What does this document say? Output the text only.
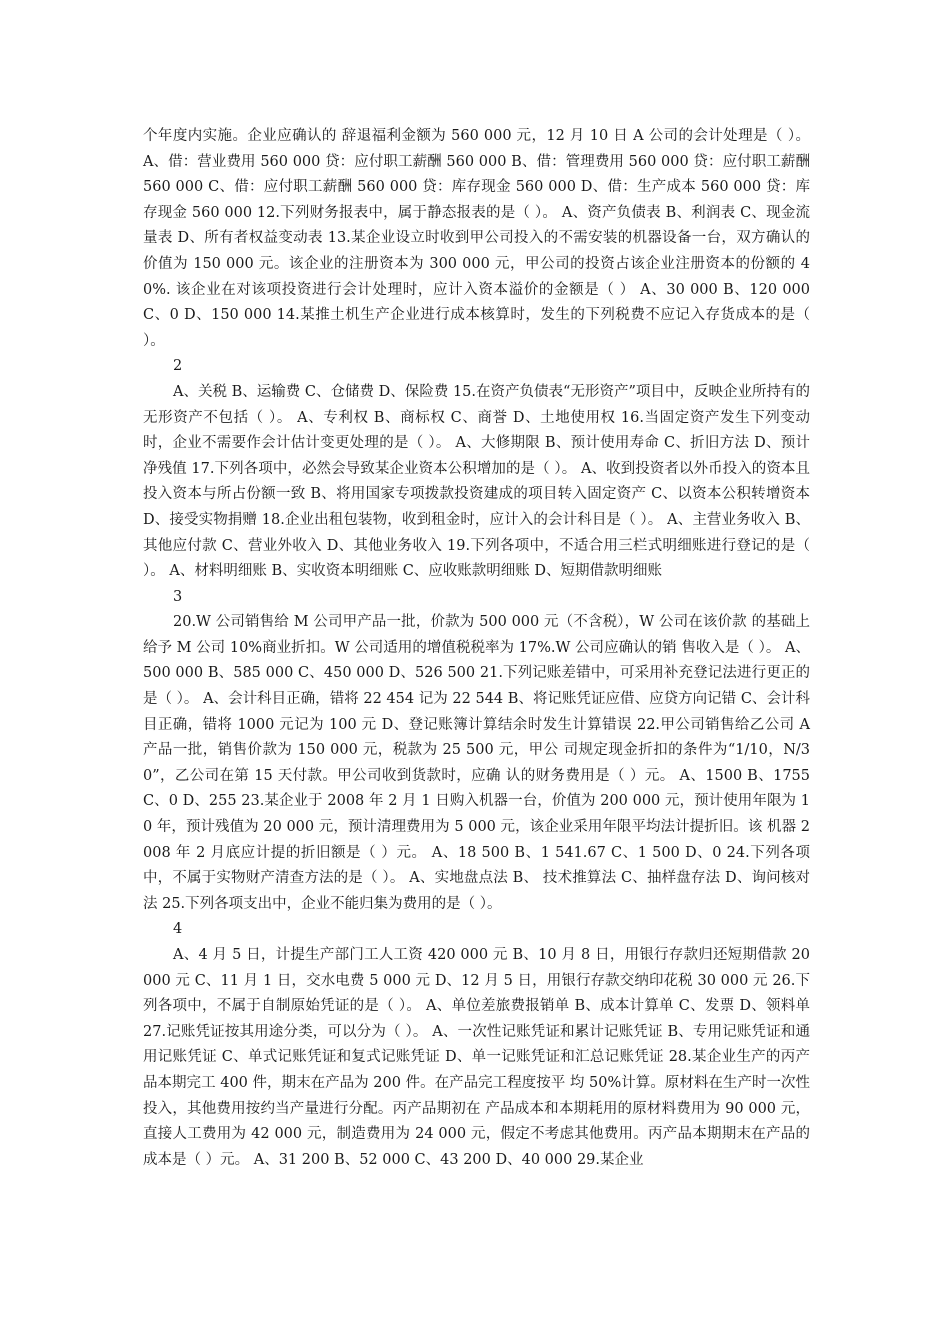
个年度内实施。企业应确认的 辞退福利金额为 560 000 元，12 月 10 日 A 公司的会计处理是（ ）。 A、借：营业费用 560 000 贷：应付职工薪酬 560 000 B、借：管理费用 560 000 贷：应付职工薪酬 560 000 C、借：应付职工薪酬 560 000 贷：库存现金 560 000 D、借：生产成本 560 000 贷：库存现金 560 000 12.下列财务报表中，属于静态报表的是（ ）。 A、资产负债表 B、利润表 C、现金流量表 D、所有者权益变动表 13.某企业设立时收到甲公司投入的不需安装的机器设备一台，双方确认的价值为 150 000 元。该企业的注册资本为 300 000 元，甲公司的投资占该企业注册资本的份额的 40%. 该企业在对该项投资进行会计处理时，应计入资本溢价的金额是（ ） A、30 000 B、120 000 C、0 D、150 000 14.某推土机生产企业进行成本核算时，发生的下列税费不应记入存货成本的是（ ）。

2

A、关税 B、运输费 C、仓储费 D、保险费 15.在资产负债表“无形资产”项目中，反映企业所持有的无形资产不包括（ ）。 A、专利权 B、商标权 C、商誉 D、土地使用权 16.当固定资产发生下列变动时，企业不需要作会计估计变更处理的是（ ）。 A、大修期限 B、预计使用寿命 C、折旧方法 D、预计净残值 17.下列各项中，必然会导致某企业资本公积增加的是（ ）。 A、收到投资者以外币投入的资本且投入资本与所占份额一致 B、将用国家专项拨款投资建成的项目转入固定资产 C、以资本公积转增资本 D、接受实物捐赠 18.企业出租包装物，收到租金时，应计入的会计科目是（ ）。 A、主营业务收入 B、其他应付款 C、营业外收入 D、其他业务收入 19.下列各项中，不适合用三栏式明细账进行登记的是（ ）。 A、材料明细账 B、实收资本明细账 C、应收账款明细账 D、短期借款明细账

3

20.W 公司销售给 M 公司甲产品一批，价款为 500 000 元（不含税），W 公司在该价款 的基础上给予 M 公司 10%商业折扣。W 公司适用的增值税税率为 17%.W 公司应确认的销 售收入是（ ）。 A、500 000 B、585 000 C、450 000 D、526 500 21.下列记账差错中，可采用补充登记法进行更正的是（ ）。 A、会计科目正确，错将 22 454 记为 22 544 B、将记账凭证应借、应贷方向记错 C、会计科目正确，错将 1000 元记为 100 元 D、登记账簿计算结余时发生计算错误 22.甲公司销售给乙公司 A 产品一批，销售价款为 150 000 元，税款为 25 500 元，甲公 司规定现金折扣的条件为“1/10，N/30”，乙公司在第 15 天付款。甲公司收到货款时，应确 认的财务费用是（ ）元。 A、1500 B、1755 C、0 D、255 23.某企业于 2008 年 2 月 1 日购入机器一台，价值为 200 000 元，预计使用年限为 10 年，预计残值为 20 000 元，预计清理费用为 5 000 元，该企业采用年限平均法计提折旧。该 机器 2008 年 2 月底应计提的折旧额是（ ）元。 A、18 500 B、1 541.67 C、1 500 D、0 24.下列各项中，不属于实物财产清查方法的是（ ）。 A、实地盘点法 B、 技术推算法 C、抽样盘存法 D、询问核对法 25.下列各项支出中，企业不能归集为费用的是（ ）。

4

A、4 月 5 日，计提生产部门工人工资 420 000 元 B、10 月 8 日，用银行存款归还短期借款 20 000 元 C、11 月 1 日，交水电费 5 000 元 D、12 月 5 日，用银行存款交纳印花税 30 000 元 26.下列各项中，不属于自制原始凭证的是（ ）。 A、单位差旅费报销单 B、成本计算单 C、发票 D、领料单 27.记账凭证按其用途分类，可以分为（ ）。 A、一次性记账凭证和累计记账凭证 B、专用记账凭证和通用记账凭证 C、单式记账凭证和复式记账凭证 D、单一记账凭证和汇总记账凭证 28.某企业生产的丙产品本期完工 400 件，期末在产品为 200 件。在产品完工程度按平 均 50%计算。原材料在生产时一次性投入，其他费用按约当产量进行分配。丙产品期初在 产品成本和本期耗用的原材料费用为 90 000 元，直接人工费用为 42 000 元，制造费用为 24 000 元，假定不考虑其他费用。丙产品本期期末在产品的成本是（ ）元。 A、31 200 B、52 000 C、43 200 D、40 000 29.某企业
